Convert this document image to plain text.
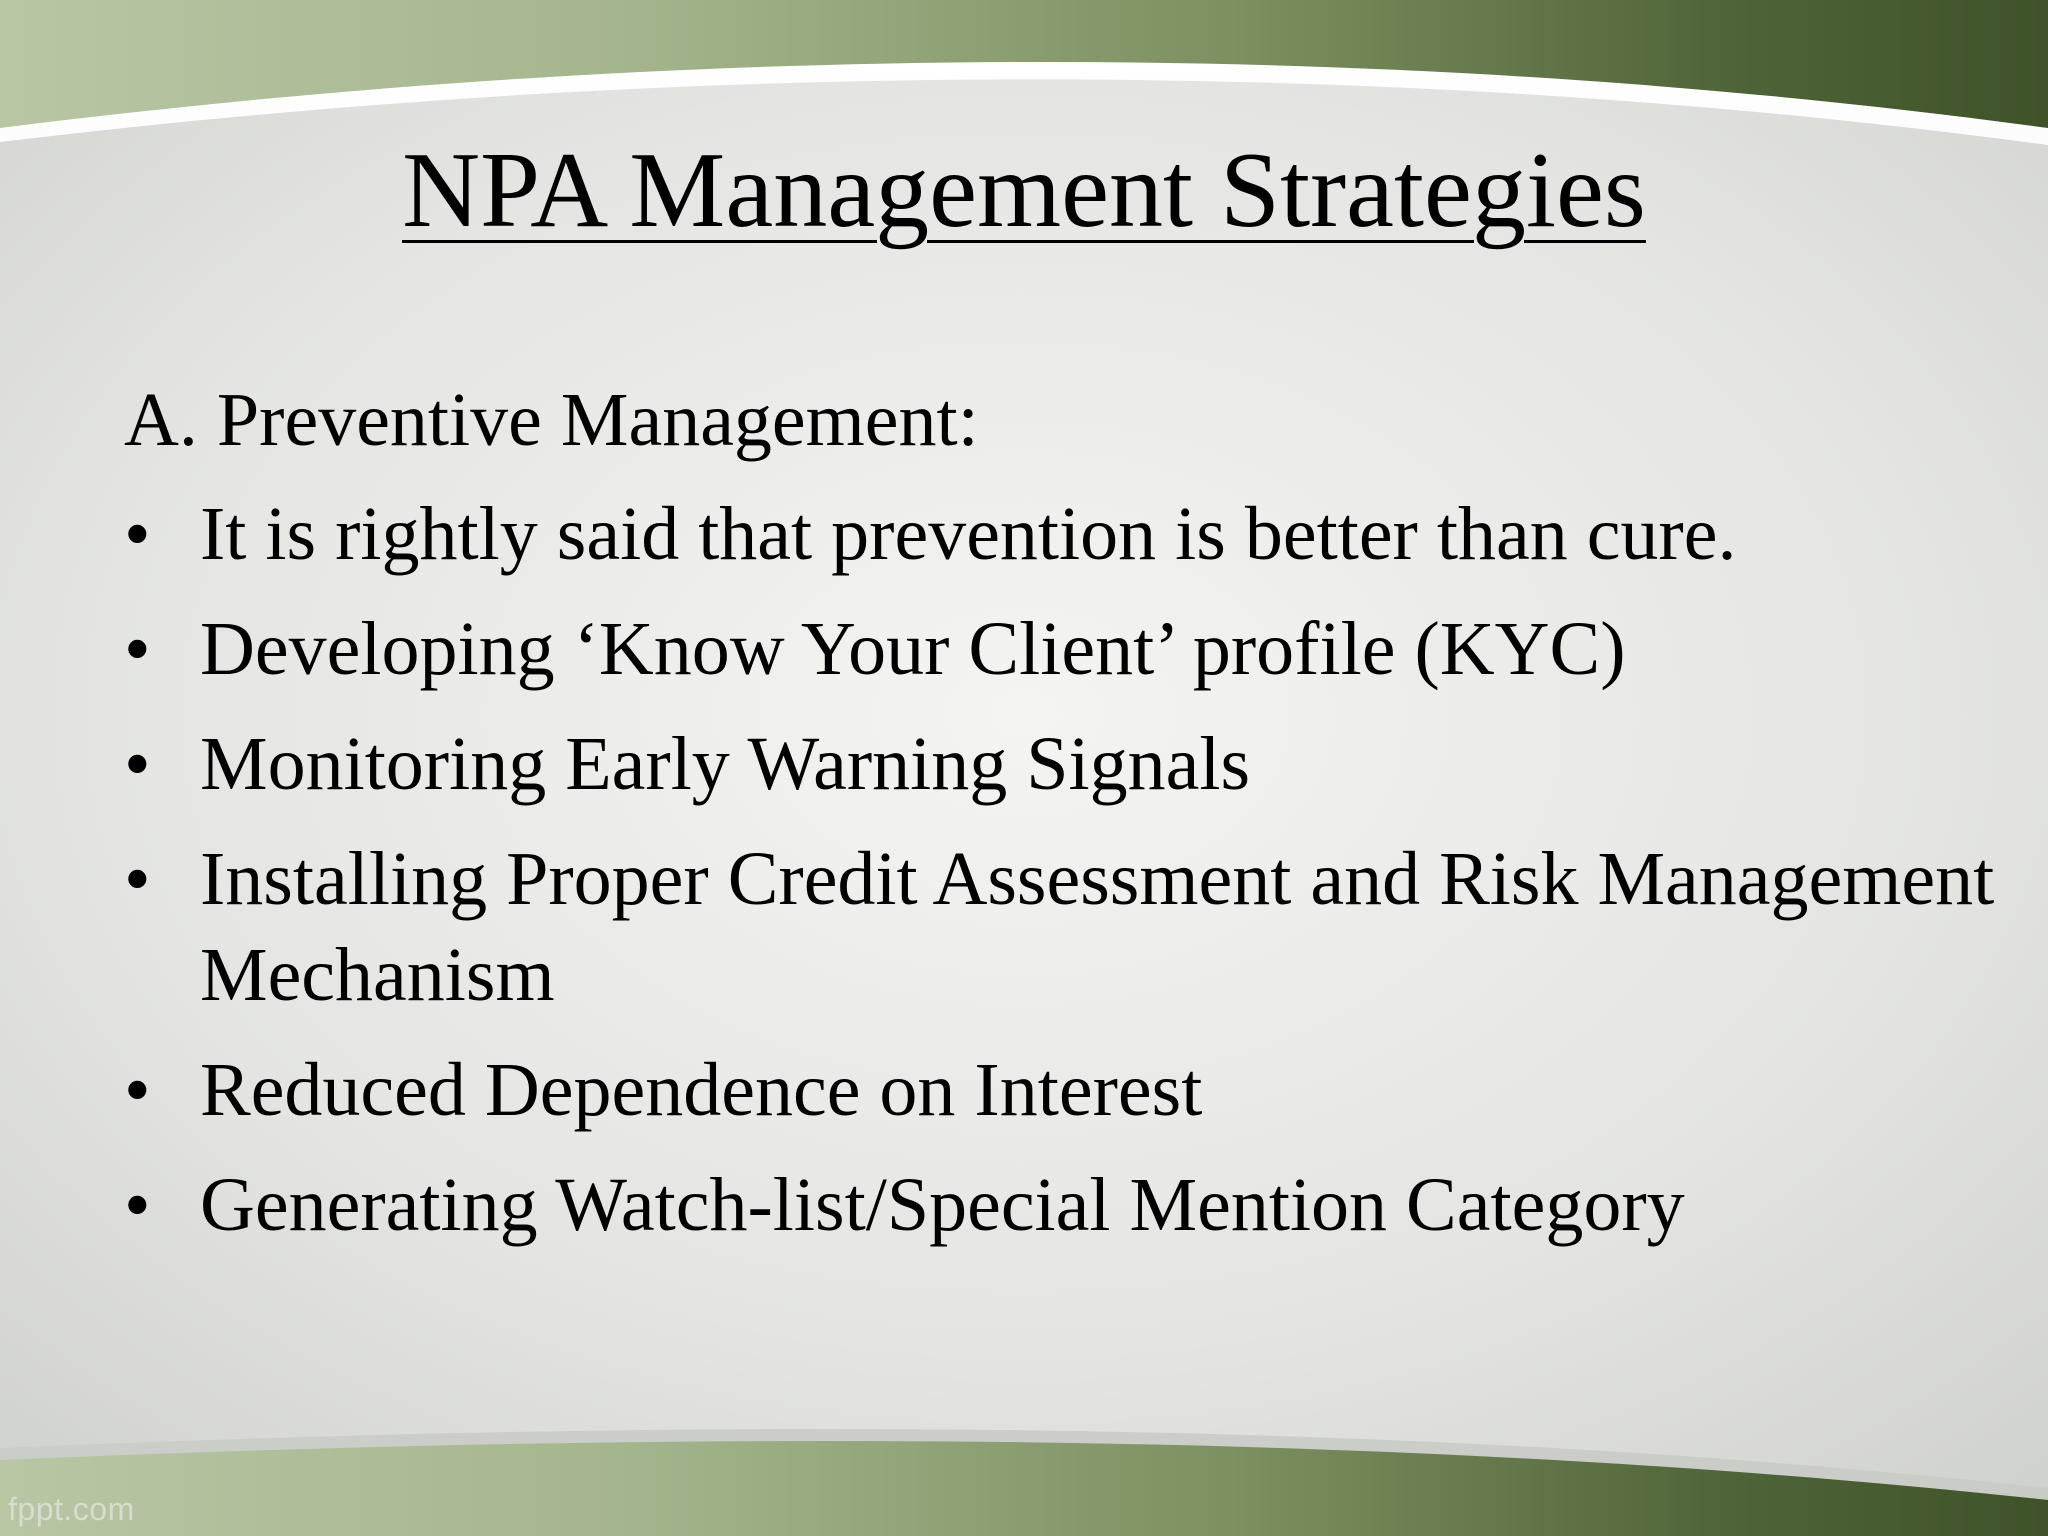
NPA Management Strategies

A. Preventive Management:

• It is rightly said that prevention is better than cure.
• Developing ‘Know Your Client’ profile (KYC)
• Monitoring Early Warning Signals
• Installing Proper Credit Assessment and Risk Management Mechanism
• Reduced Dependence on Interest
• Generating Watch-list/Special Mention Category
fppt.com
